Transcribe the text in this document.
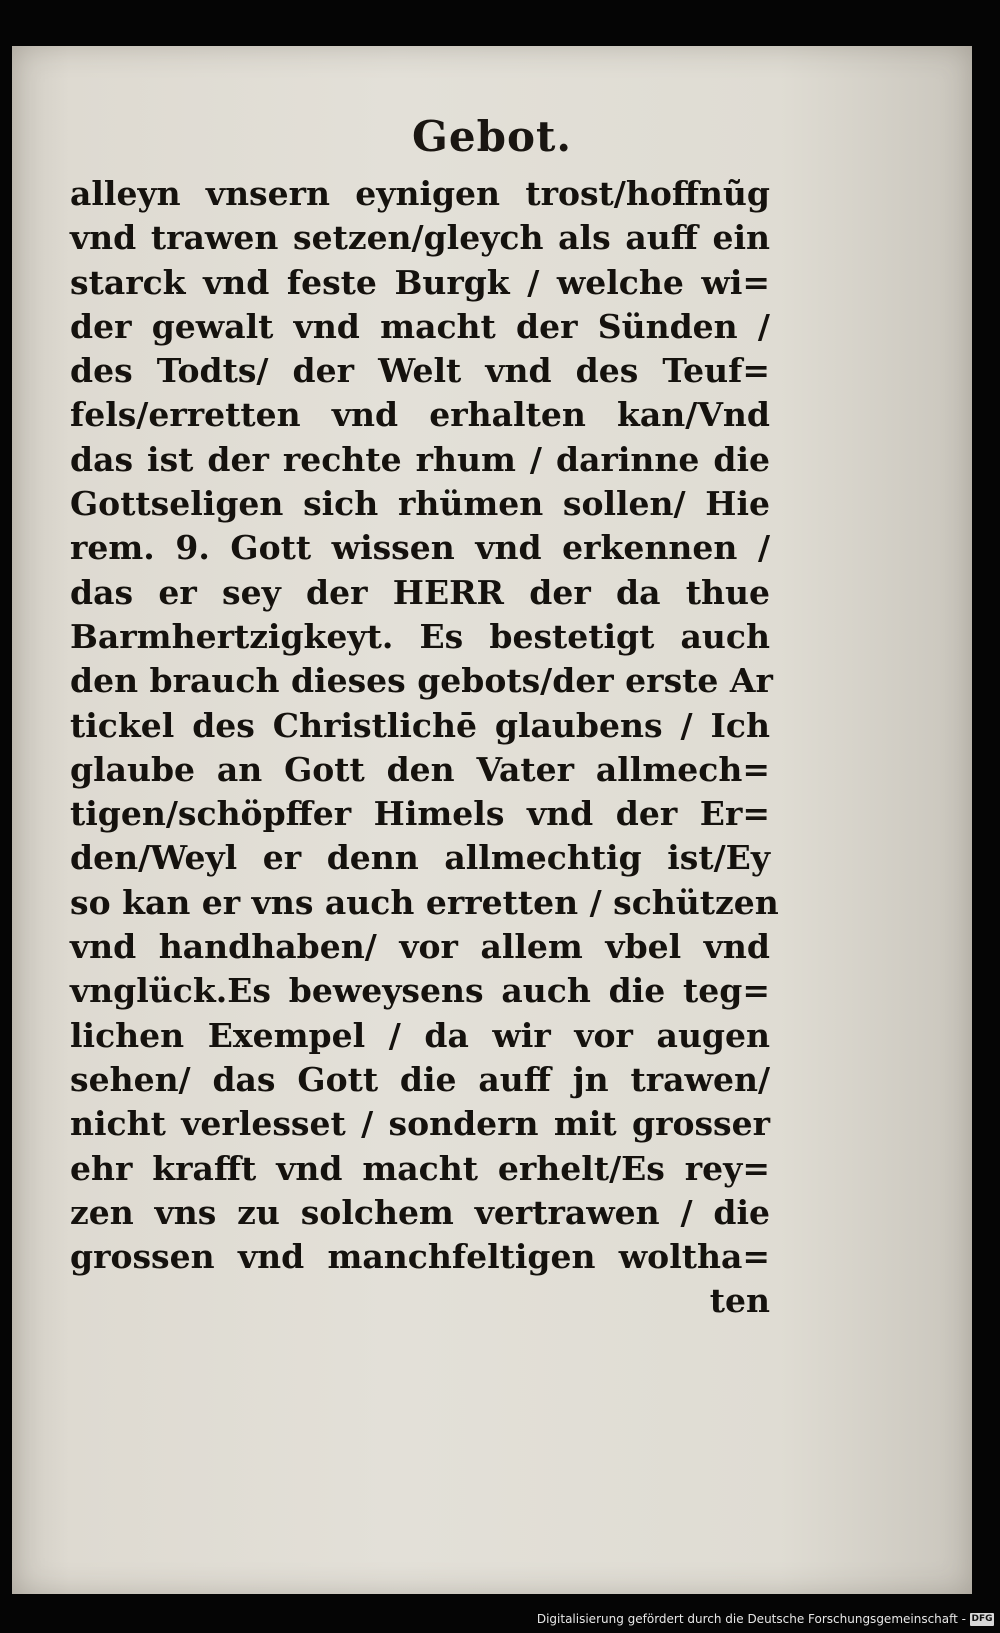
Gebot.
alleyn vnsern eynigen trost/hoffnũg
vnd trawen setzen/gleych als auff ein
starck vnd feste Burgk / welche wi=
der gewalt vnd macht der Sünden /
des Todts/ der Welt vnd des Teuf=
fels/erretten vnd erhalten kan/Vnd
das ist der rechte rhum / darinne die
Gottseligen sich rhümen sollen/ Hie
rem. 9. Gott wissen vnd erkennen /
das er sey der HERR der da thue
Barmhertzigkeyt. Es bestetigt auch
den brauch dieses gebots/der erste Ar
tickel des Christlichē glaubens / Ich
glaube an Gott den Vater allmech=
tigen/schöpffer Himels vnd der Er=
den/Weyl er denn allmechtig ist/Ey
so kan er vns auch erretten / schützen
vnd handhaben/ vor allem vbel vnd
vnglück.Es beweysens auch die teg=
lichen Exempel / da wir vor augen
sehen/ das Gott die auff jn trawen/
nicht verlesset / sondern mit grosser
ehr krafft vnd macht erhelt/Es rey=
zen vns zu solchem vertrawen / die
grossen vnd manchfeltigen woltha=
ten
Digitalisierung gefördert durch die Deutsche Forschungsgemeinschaft - DFG
